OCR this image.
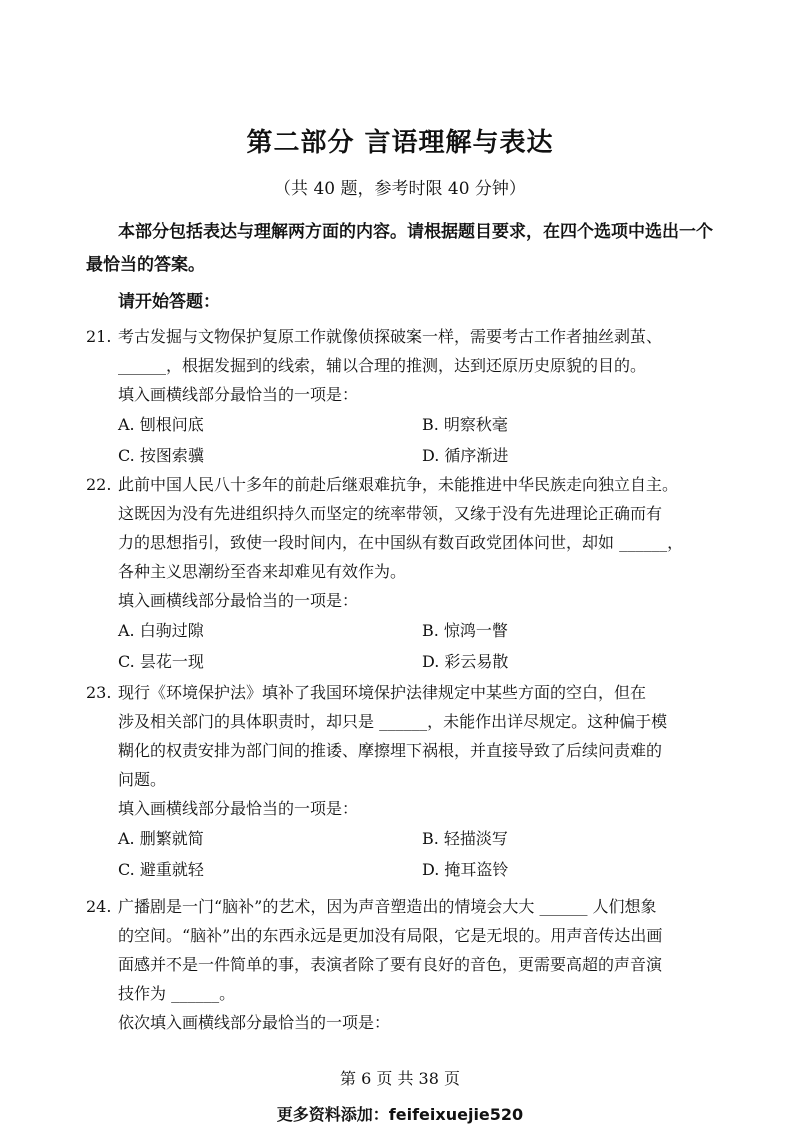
第二部分 言语理解与表达
（共 40 题，参考时限 40 分钟）
本部分包括表达与理解两方面的内容。请根据题目要求，在四个选项中选出一个最恰当的答案。
请开始答题：
21. 考古发掘与文物保护复原工作就像侦探破案一样，需要考古工作者抽丝剥茧、
______，根据发掘到的线索，辅以合理的推测，达到还原历史原貌的目的。
填入画横线部分最恰当的一项是：
A. 刨根问底	B. 明察秋毫
C. 按图索骥	D. 循序渐进
22. 此前中国人民八十多年的前赴后继艰难抗争，未能推进中华民族走向独立自主。
这既因为没有先进组织持久而坚定的统率带领，又缘于没有先进理论正确而有
力的思想指引，致使一段时间内，在中国纵有数百政党团体问世，却如 ______，
各种主义思潮纷至沓来却难见有效作为。
填入画横线部分最恰当的一项是：
A. 白驹过隙	B. 惊鸿一瞥
C. 昙花一现	D. 彩云易散
23. 现行《环境保护法》填补了我国环境保护法律规定中某些方面的空白，但在
涉及相关部门的具体职责时，却只是 ______，未能作出详尽规定。这种偏于模
糊化的权责安排为部门间的推诿、摩擦埋下祸根，并直接导致了后续问责难的
问题。
填入画横线部分最恰当的一项是：
A. 删繁就简	B. 轻描淡写
C. 避重就轻	D. 掩耳盗铃
24. 广播剧是一门“脑补”的艺术，因为声音塑造出的情境会大大 ______ 人们想象
的空间。“脑补”出的东西永远是更加没有局限，它是无垠的。用声音传达出画
面感并不是一件简单的事，表演者除了要有良好的音色，更需要高超的声音演
技作为 ______。
依次填入画横线部分最恰当的一项是：
第 6 页 共 38 页
更多资料添加：feifeixuejie520
